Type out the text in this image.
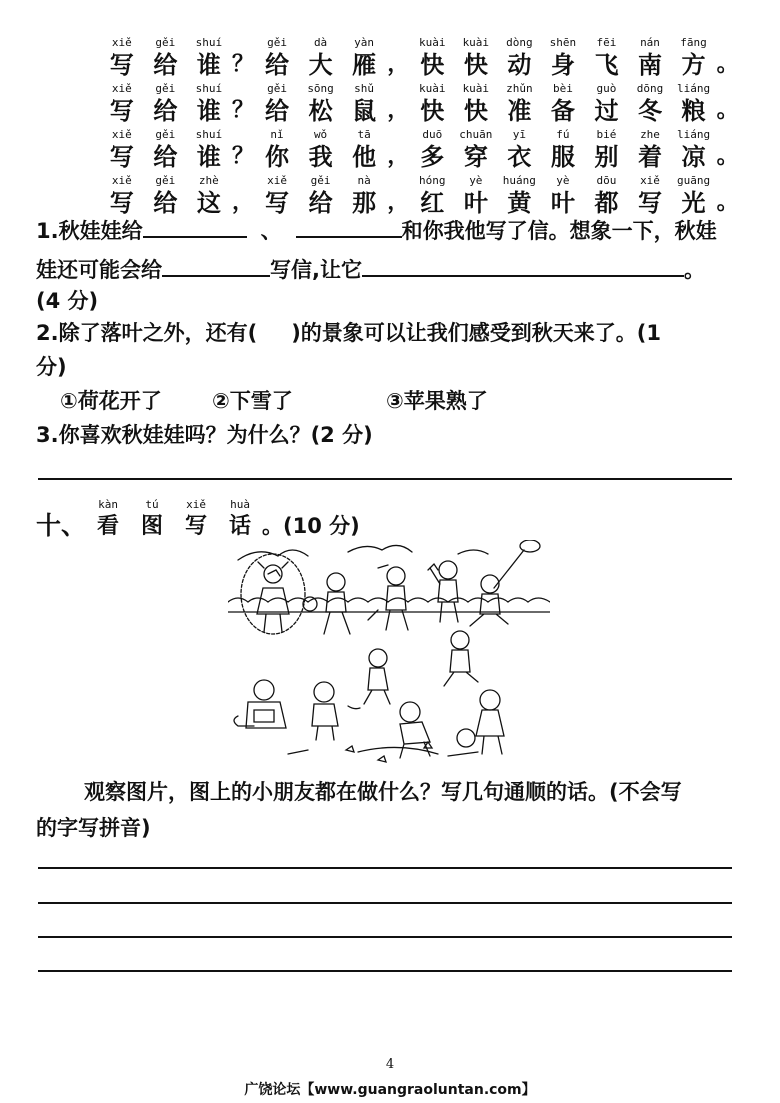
xiě
写
gěi
给
shuí
谁 ？
gěi
给
dà
大
yàn
雁 ，
kuài
快
kuài
快
dòng
动
shēn
身
fēi
飞
nán
南
fāng
方 。
xiě
写
gěi
给
shuí
谁 ？
gěi
给
sōng
松
shǔ
鼠 ，
kuài
快
kuài
快
zhǔn
准
bèi
备
guò
过
dōng
冬
liáng
粮 。
xiě
写
gěi
给
shuí
谁 ？
nǐ
你
wǒ
我
tā
他 ，
duō
多
chuān
穿
yī
衣
fú
服
bié
别
zhe
着
liáng
凉 。
xiě
写
gěi
给
zhè
这 ，
xiě
写
gěi
给
nà
那 ，
hóng
红
yè
叶
huáng
黄
yè
叶
dōu
都
xiě
写
guāng
光 。
1.秋娃娃给	、	和你我他写了信。想象一下，秋娃
娃还可能会给	写信,让它	。
(4 分)
2.除了落叶之外，还有( )的景象可以让我们感受到秋天来了。(1
分)
①荷花开了 ②下雪了	③苹果熟了
3.你喜欢秋娃娃吗？为什么？(2 分)
十、
kàn
看
tú
图
xiě
写
huà
话 。(10 分)
观察图片，图上的小朋友都在做什么？写几句通顺的话。(不会写
的字写拼音)
4
广饶论坛【www.guangraoluntan.com】
